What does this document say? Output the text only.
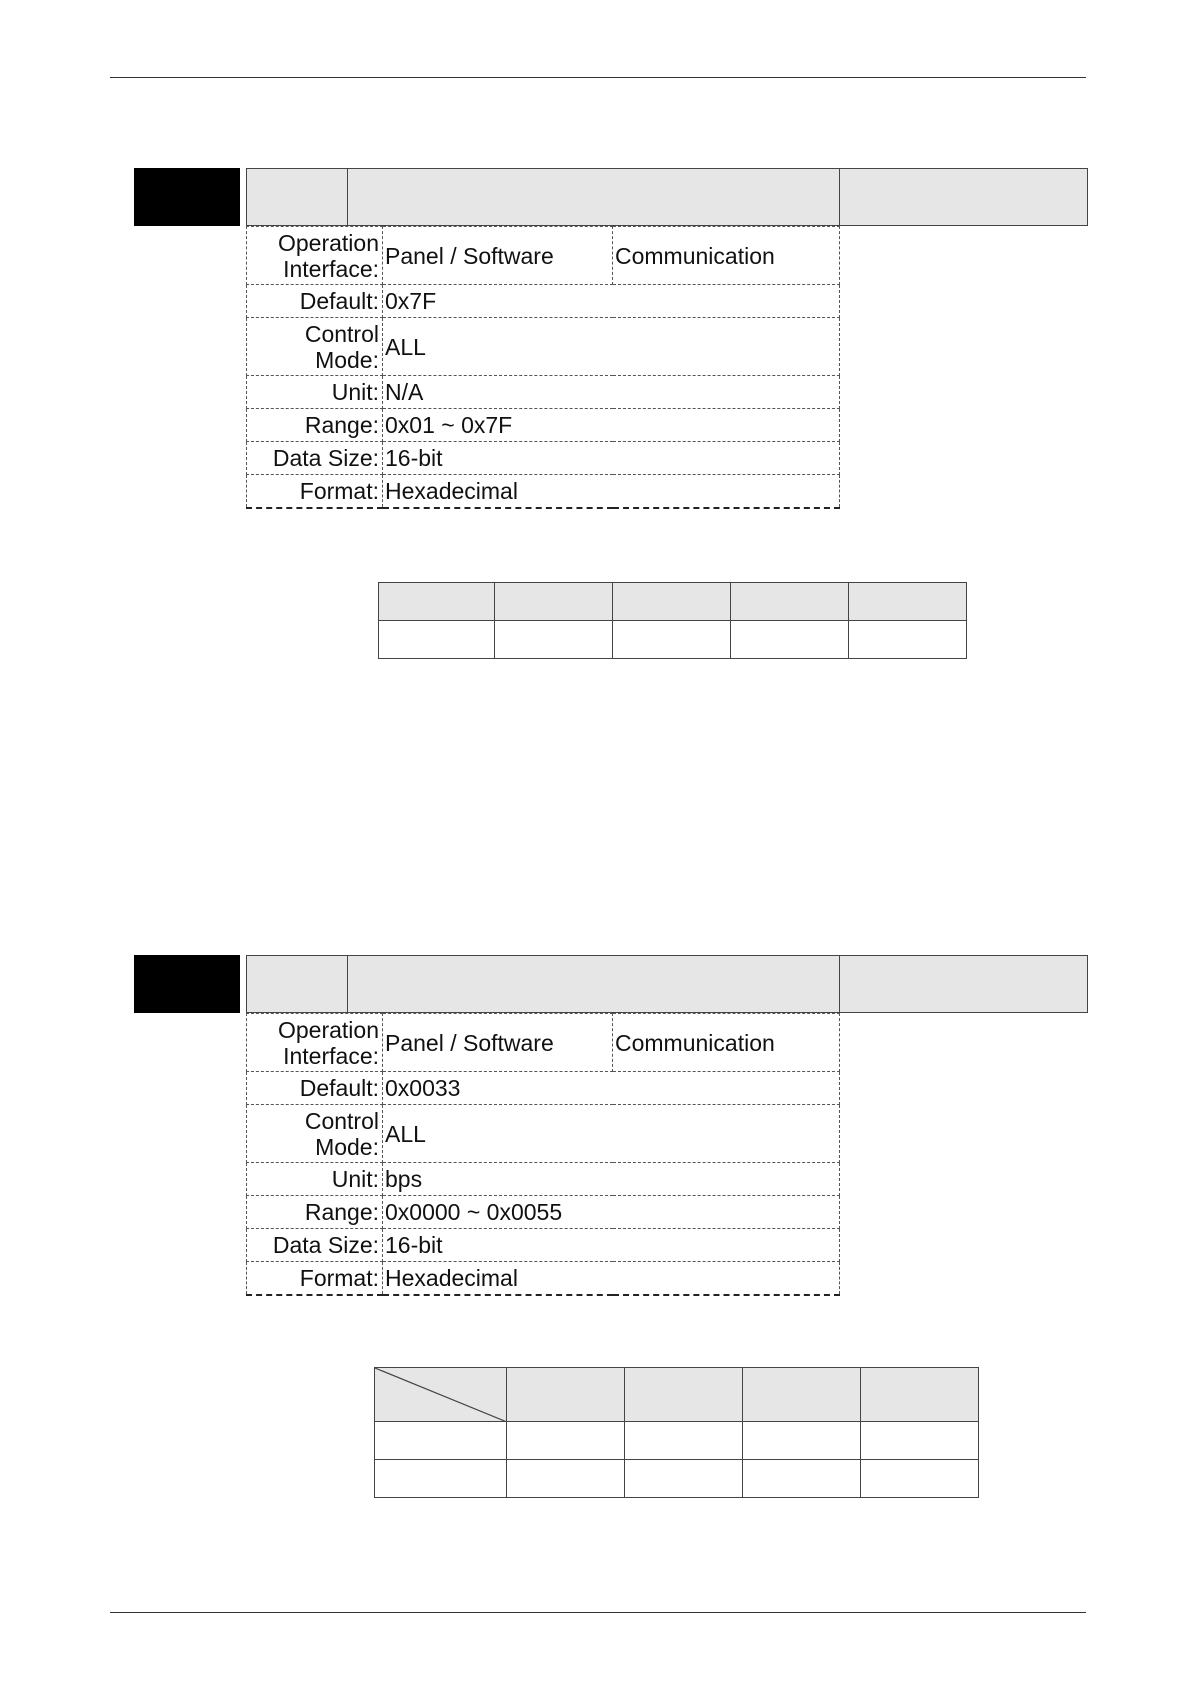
Operation Interface:	Panel / Software	Communication
Default:	0x7F	
Control Mode:	ALL	
Unit:	N/A	
Range:	0x01 ~ 0x7F	
Data Size:	16-bit	
Format:	Hexadecimal	

Operation Interface:	Panel / Software	Communication
Default:	0x0033	
Control Mode:	ALL	
Unit:	bps	
Range:	0x0000 ~ 0x0055	
Data Size:	16-bit	
Format:	Hexadecimal	
